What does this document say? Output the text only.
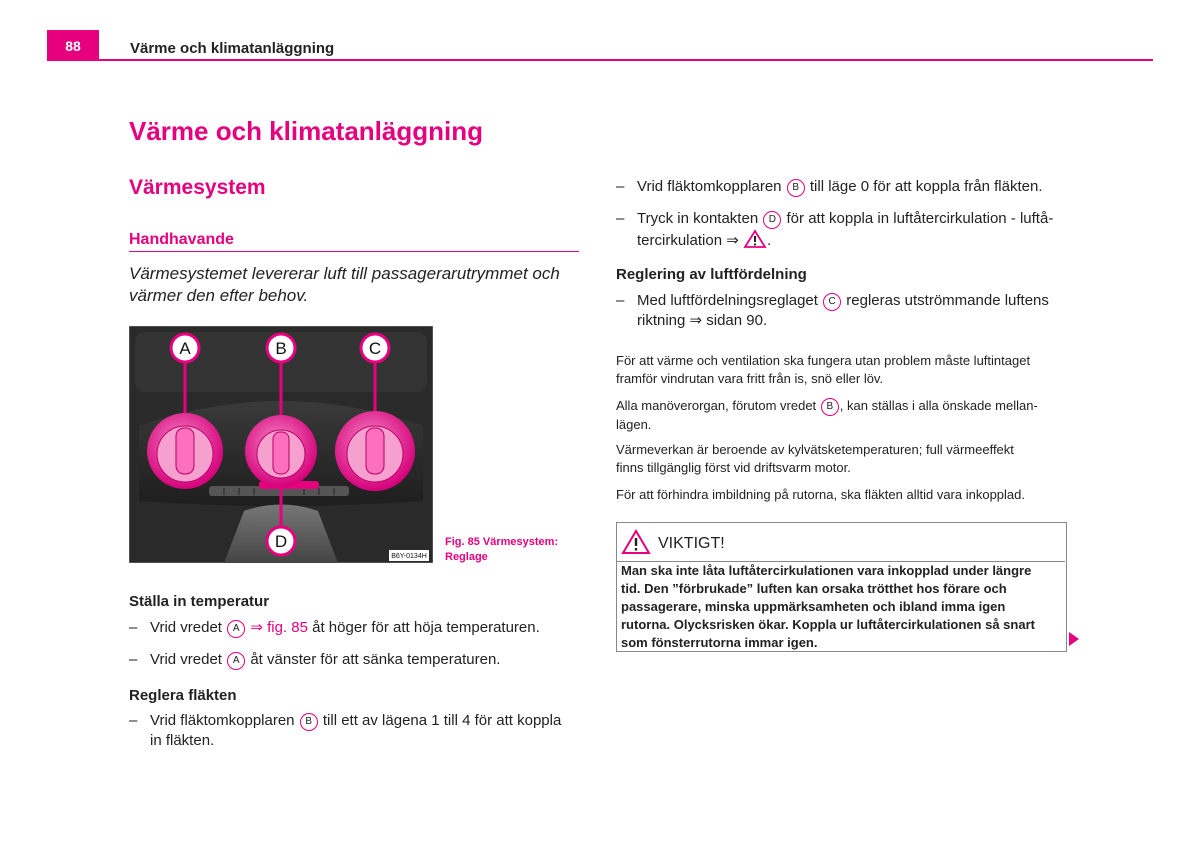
88	Värme och klimatanläggning
Värme och klimatanläggning
Värmesystem
Handhavande
Värmesystemet levererar luft till passagerarutrymmet och värmer den efter behov.
A	B	C
D
B6Y-0134H
Fig. 85 Värmesystem:
Reglage
Ställa in temperatur
– Vrid vredet A ⇒ fig. 85 åt höger för att höja temperaturen.
– Vrid vredet A åt vänster för att sänka temperaturen.
Reglera fläkten
– Vrid fläktomkopplaren B till ett av lägena 1 till 4 för att koppla
in fläkten.
– Vrid fläktomkopplaren B till läge 0 för att koppla från fläkten.
– Tryck in kontakten D för att koppla in luftåtercirkulation - luftå-
tercirkulation ⇒ .
Reglering av luftfördelning
– Med luftfördelningsreglaget C regleras utströmmande luftens
riktning ⇒ sidan 90.
För att värme och ventilation ska fungera utan problem måste luftintaget
framför vindrutan vara fritt från is, snö eller löv.
Alla manöverorgan, förutom vredet B , kan ställas i alla önskade mellan-
lägen.
Värmeverkan är beroende av kylvätsketemperaturen; full värmeeffekt
finns tillgänglig först vid driftsvarm motor.
För att förhindra imbildning på rutorna, ska fläkten alltid vara inkopplad.
VIKTIGT!
Man ska inte låta luftåtercirkulationen vara inkopplad under längre
tid. Den ”förbrukade” luften kan orsaka trötthet hos förare och
passagerare, minska uppmärksamheten och ibland imma igen
rutorna. Olycksrisken ökar. Koppla ur luftåtercirkulationen så snart
som fönsterrutorna immar igen.
